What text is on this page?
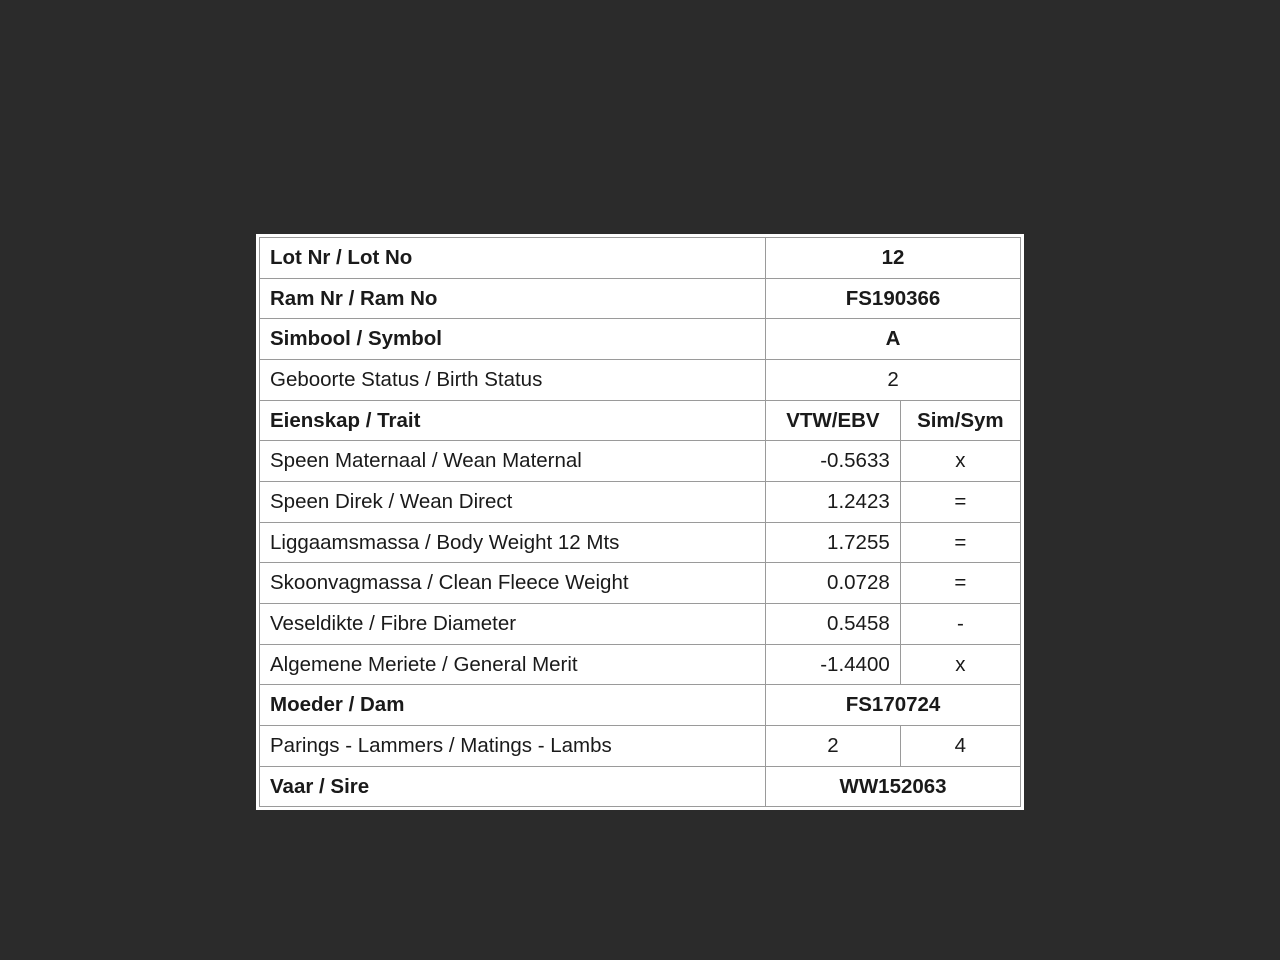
Lot Nr / Lot No	12	
Ram Nr / Ram No	FS190366	
Simbool / Symbol	A	
Geboorte Status / Birth Status	2	
Eienskap / Trait	VTW/EBV	Sim/Sym
Speen Maternaal / Wean Maternal	-0.5633	x
Speen Direk / Wean Direct	1.2423	=
Liggaamsmassa / Body Weight 12 Mts	1.7255	=
Skoonvagmassa / Clean Fleece Weight	0.0728	=
Veseldikte / Fibre Diameter	0.5458	-
Algemene Meriete / General Merit	-1.4400	x
Moeder / Dam	FS170724	
Parings - Lammers / Matings - Lambs	2	4
Vaar / Sire	WW152063	
